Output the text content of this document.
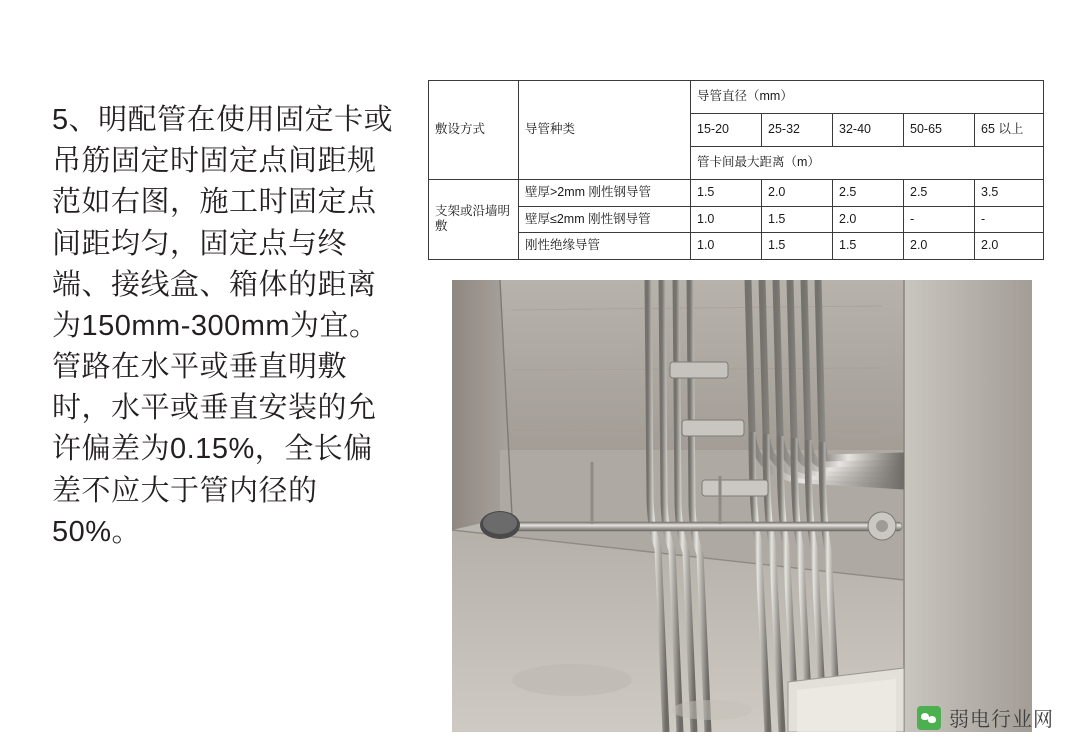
5、明配管在使用固定卡或吊筋固定时固定点间距规范如右图，施工时固定点间距均匀，固定点与终端、接线盒、箱体的距离为150mm-300mm为宜。管路在水平或垂直明敷时，水平或垂直安装的允许偏差为0.15%，全长偏差不应大于管内径的50%。
敷设方式	导管种类	导管直径（mm）				
		15-20	25-32	32-40	50-65	65 以上
		管卡间最大距离（m）				
支架或沿墙明敷	壁厚>2mm 刚性钢导管	1.5	2.0	2.5	2.5	3.5
	壁厚≤2mm 刚性钢导管	1.0	1.5	2.0	-	-
	刚性绝缘导管	1.0	1.5	1.5	2.0	2.0
弱电行业网
